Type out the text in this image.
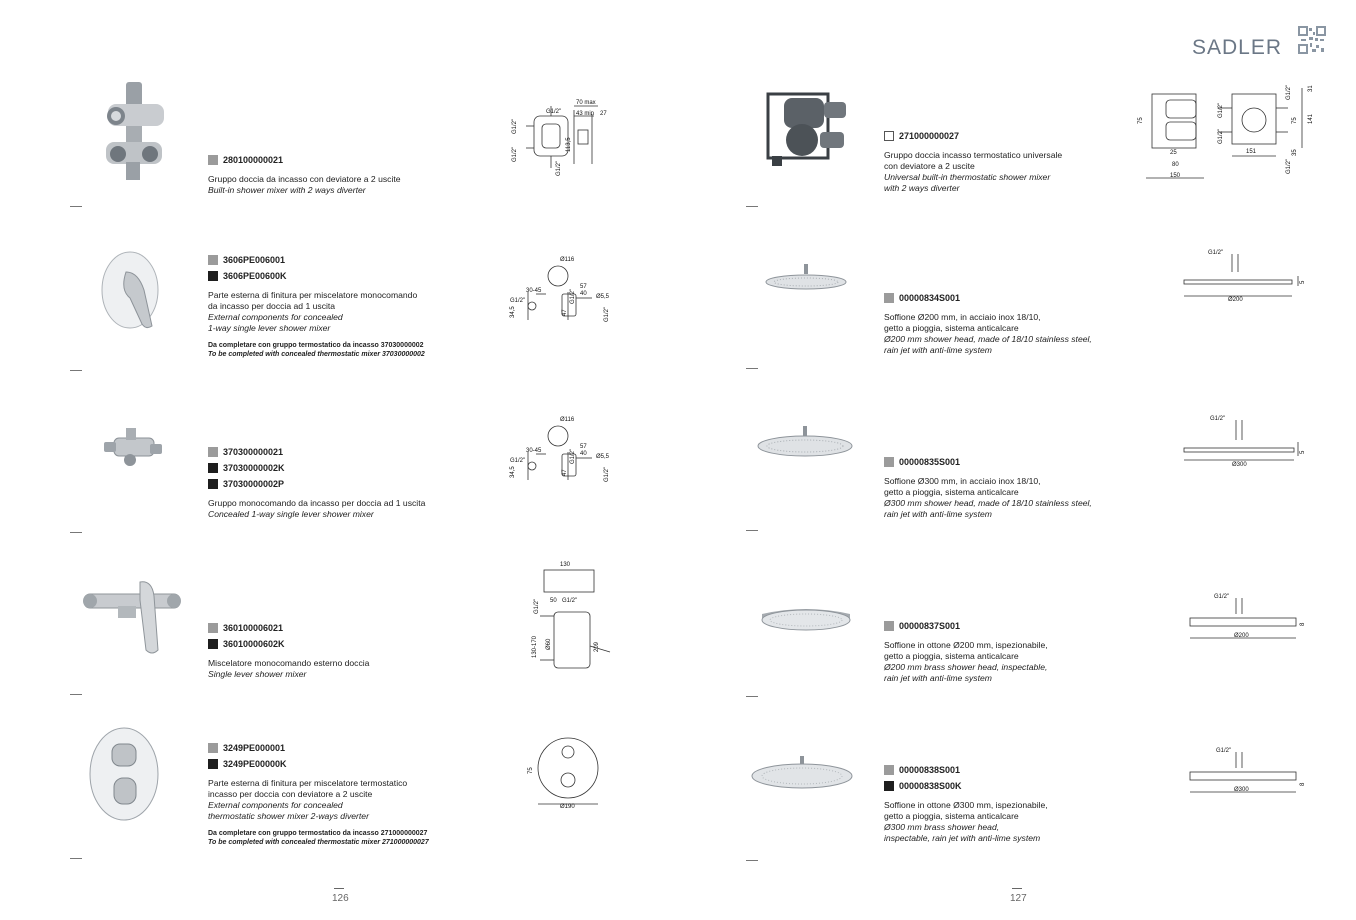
280100000021
Gruppo doccia da incasso con deviatore a 2 uscite
Built-in shower mixer with 2 ways diverter
70 max
43 min 27
G1/2"
G1/2"
G1/2"
G1/2"
113,5
3606PE006001
3606PE00600K
Parte esterna di finitura per miscelatore monocomando
da incasso per doccia ad 1 uscita
External components for concealed
1-way single lever shower mixer
Da completare con gruppo termostatico da incasso 37030000002
To be completed with concealed thermostatic mixer 37030000002
Ø116
30-45
57
40 Ø5,5
G1/2"
34,5	47
G1/2"
G1/2"
370300000021
37030000002K
37030000002P
Gruppo monocomando da incasso per doccia ad 1 uscita
Concealed 1-way single lever shower mixer
Ø116
30-45
57
40 Ø5,5
G1/2"
34,5	47
G1/2"
G1/2"
360100006021
36010000602K
Miscelatore monocomando esterno doccia
Single lever shower mixer
130
50 G1/2"
G1/2"
130-170 Ø60	209
3249PE000001
3249PE00000K
Parte esterna di finitura per miscelatore termostatico
incasso per doccia con deviatore a 2 uscite
External components for concealed
thermostatic shower mixer 2-ways diverter
Da completare con gruppo termostatico da incasso 271000000027
To be completed with concealed thermostatic mixer 271000000027
75
Ø190
126
SADLER
271000000027
Gruppo doccia incasso termostatico universale
con deviatore a 2 uscite
Universal built-in thermostatic shower mixer
with 2 ways diverter
75
25
80
150
151
31
75 141
35
G1/2"
G1/2"
G1/2"
G1/2"
00000834S001
Soffione Ø200 mm, in acciaio inox 18/10,
getto a pioggia, sistema anticalcare
Ø200 mm shower head, made of 18/10 stainless steel,
rain jet with anti-lime system
G1/2"
Ø200
5
00000835S001
Soffione Ø300 mm, in acciaio inox 18/10,
getto a pioggia, sistema anticalcare
Ø300 mm shower head, made of 18/10 stainless steel,
rain jet with anti-lime system
G1/2"
Ø300
5
00000837S001
Soffione in ottone Ø200 mm, ispezionabile,
getto a pioggia, sistema anticalcare
Ø200 mm brass shower head, inspectable,
rain jet with anti-lime system
G1/2"
Ø200
8
00000838S001
00000838S00K
Soffione in ottone Ø300 mm, ispezionabile,
getto a pioggia, sistema anticalcare
Ø300 mm brass shower head,
inspectable, rain jet with anti-lime system
G1/2"
Ø300
8
127
